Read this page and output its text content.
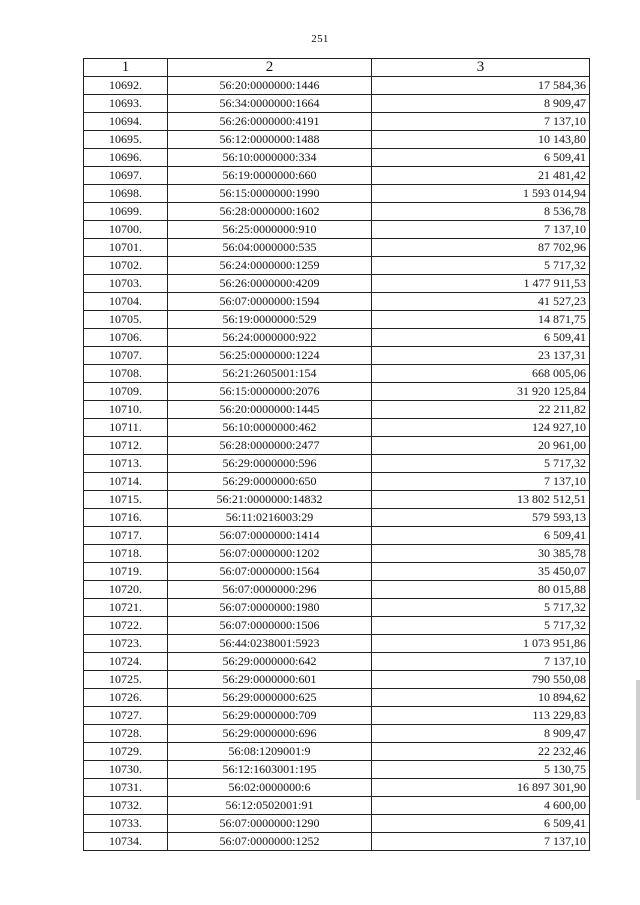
251
1	2	3
10692.	56:20:0000000:1446	17 584,36
10693.	56:34:0000000:1664	8 909,47
10694.	56:26:0000000:4191	7 137,10
10695.	56:12:0000000:1488	10 143,80
10696.	56:10:0000000:334	6 509,41
10697.	56:19:0000000:660	21 481,42
10698.	56:15:0000000:1990	1 593 014,94
10699.	56:28:0000000:1602	8 536,78
10700.	56:25:0000000:910	7 137,10
10701.	56:04:0000000:535	87 702,96
10702.	56:24:0000000:1259	5 717,32
10703.	56:26:0000000:4209	1 477 911,53
10704.	56:07:0000000:1594	41 527,23
10705.	56:19:0000000:529	14 871,75
10706.	56:24:0000000:922	6 509,41
10707.	56:25:0000000:1224	23 137,31
10708.	56:21:2605001:154	668 005,06
10709.	56:15:0000000:2076	31 920 125,84
10710.	56:20:0000000:1445	22 211,82
10711.	56:10:0000000:462	124 927,10
10712.	56:28:0000000:2477	20 961,00
10713.	56:29:0000000:596	5 717,32
10714.	56:29:0000000:650	7 137,10
10715.	56:21:0000000:14832	13 802 512,51
10716.	56:11:0216003:29	579 593,13
10717.	56:07:0000000:1414	6 509,41
10718.	56:07:0000000:1202	30 385,78
10719.	56:07:0000000:1564	35 450,07
10720.	56:07:0000000:296	80 015,88
10721.	56:07:0000000:1980	5 717,32
10722.	56:07:0000000:1506	5 717,32
10723.	56:44:0238001:5923	1 073 951,86
10724.	56:29:0000000:642	7 137,10
10725.	56:29:0000000:601	790 550,08
10726.	56:29:0000000:625	10 894,62
10727.	56:29:0000000:709	113 229,83
10728.	56:29:0000000:696	8 909,47
10729.	56:08:1209001:9	22 232,46
10730.	56:12:1603001:195	5 130,75
10731.	56:02:0000000:6	16 897 301,90
10732.	56:12:0502001:91	4 600,00
10733.	56:07:0000000:1290	6 509,41
10734.	56:07:0000000:1252	7 137,10
